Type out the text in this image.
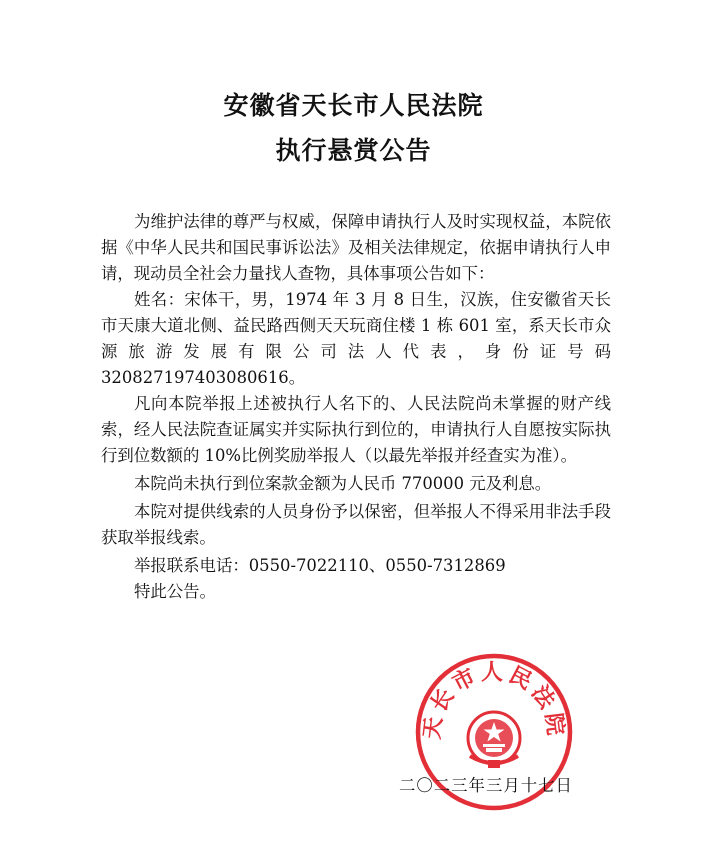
安徽省天长市人民法院
执行悬赏公告

为维护法律的尊严与权威，保障申请执行人及时实现权益，本院依据《中华人民共和国民事诉讼法》及相关法律规定，依据申请执行人申请，现动员全社会力量找人查物，具体事项公告如下：

姓名：宋体干，男，1974 年 3 月 8 日生，汉族，住安徽省天长市天康大道北侧、益民路西侧天天玩商住楼 1 栋 601 室，系天长市众源旅游发展有限公司法人代表，身份证号码 320827197403080616。

凡向本院举报上述被执行人名下的、人民法院尚未掌握的财产线索，经人民法院查证属实并实际执行到位的，申请执行人自愿按实际执行到位数额的 10%比例奖励举报人（以最先举报并经查实为准）。

本院尚未执行到位案款金额为人民币 770000 元及利息。

本院对提供线索的人员身份予以保密，但举报人不得采用非法手段获取举报线索。

举报联系电话：0550-7022110、0550-7312869

特此公告。

天长市人民法院
二〇二三年三月十七日
